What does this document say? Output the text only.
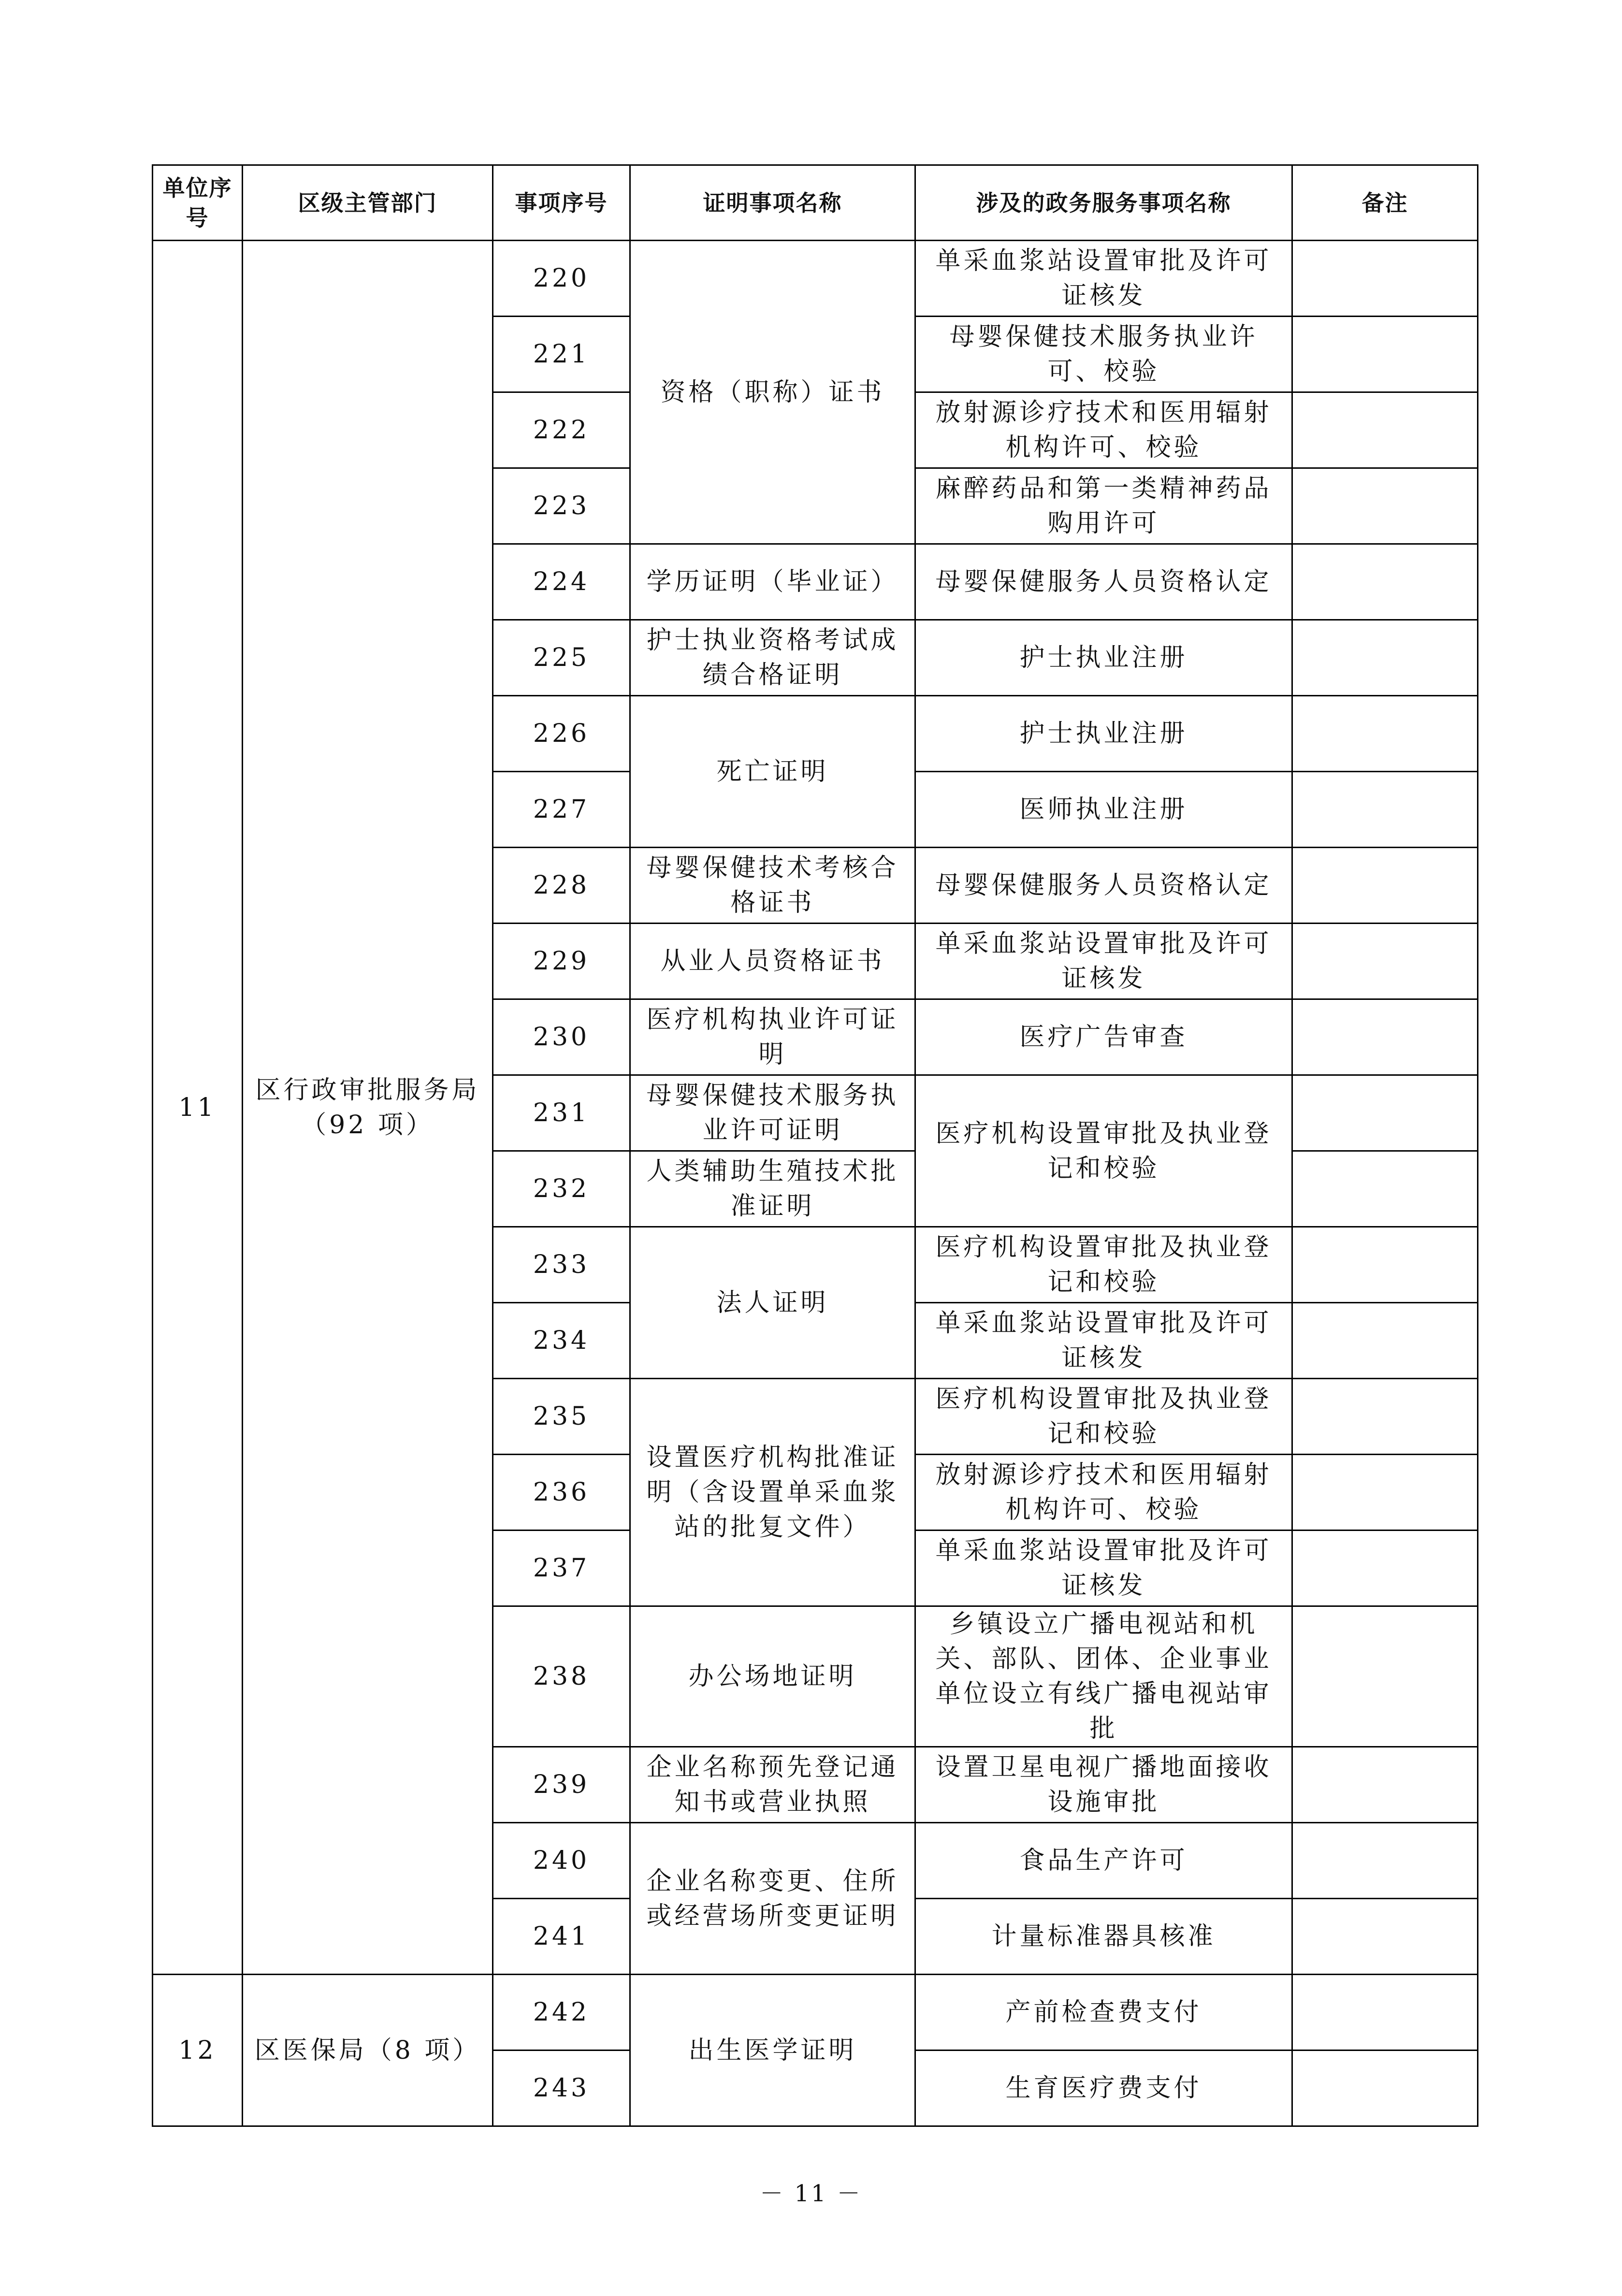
单位序号	区级主管部门	事项序号	证明事项名称	涉及的政务服务事项名称	备注
11	区行政审批服务局（92 项）	220	资格（职称）证书	单采血浆站设置审批及许可证核发	
		221		母婴保健技术服务执业许可、校验	
		222		放射源诊疗技术和医用辐射机构许可、校验	
		223		麻醉药品和第一类精神药品购用许可	
		224	学历证明（毕业证）	母婴保健服务人员资格认定	
		225	护士执业资格考试成绩合格证明	护士执业注册	
		226	死亡证明	护士执业注册	
		227		医师执业注册	
		228	母婴保健技术考核合格证书	母婴保健服务人员资格认定	
		229	从业人员资格证书	单采血浆站设置审批及许可证核发	
		230	医疗机构执业许可证明	医疗广告审查	
		231	母婴保健技术服务执业许可证明	医疗机构设置审批及执业登记和校验	
		232	人类辅助生殖技术批准证明		
		233	法人证明	医疗机构设置审批及执业登记和校验	
		234		单采血浆站设置审批及许可证核发	
		235	设置医疗机构批准证明（含设置单采血浆站的批复文件）	医疗机构设置审批及执业登记和校验	
		236		放射源诊疗技术和医用辐射机构许可、校验	
		237		单采血浆站设置审批及许可证核发	
		238	办公场地证明	乡镇设立广播电视站和机关、部队、团体、企业事业单位设立有线广播电视站审批	
		239	企业名称预先登记通知书或营业执照	设置卫星电视广播地面接收设施审批	
		240	企业名称变更、住所或经营场所变更证明	食品生产许可	
		241		计量标准器具核准	
12	区医保局（8 项）	242	出生医学证明	产前检查费支付	
		243		生育医疗费支付	
－ 11 －
